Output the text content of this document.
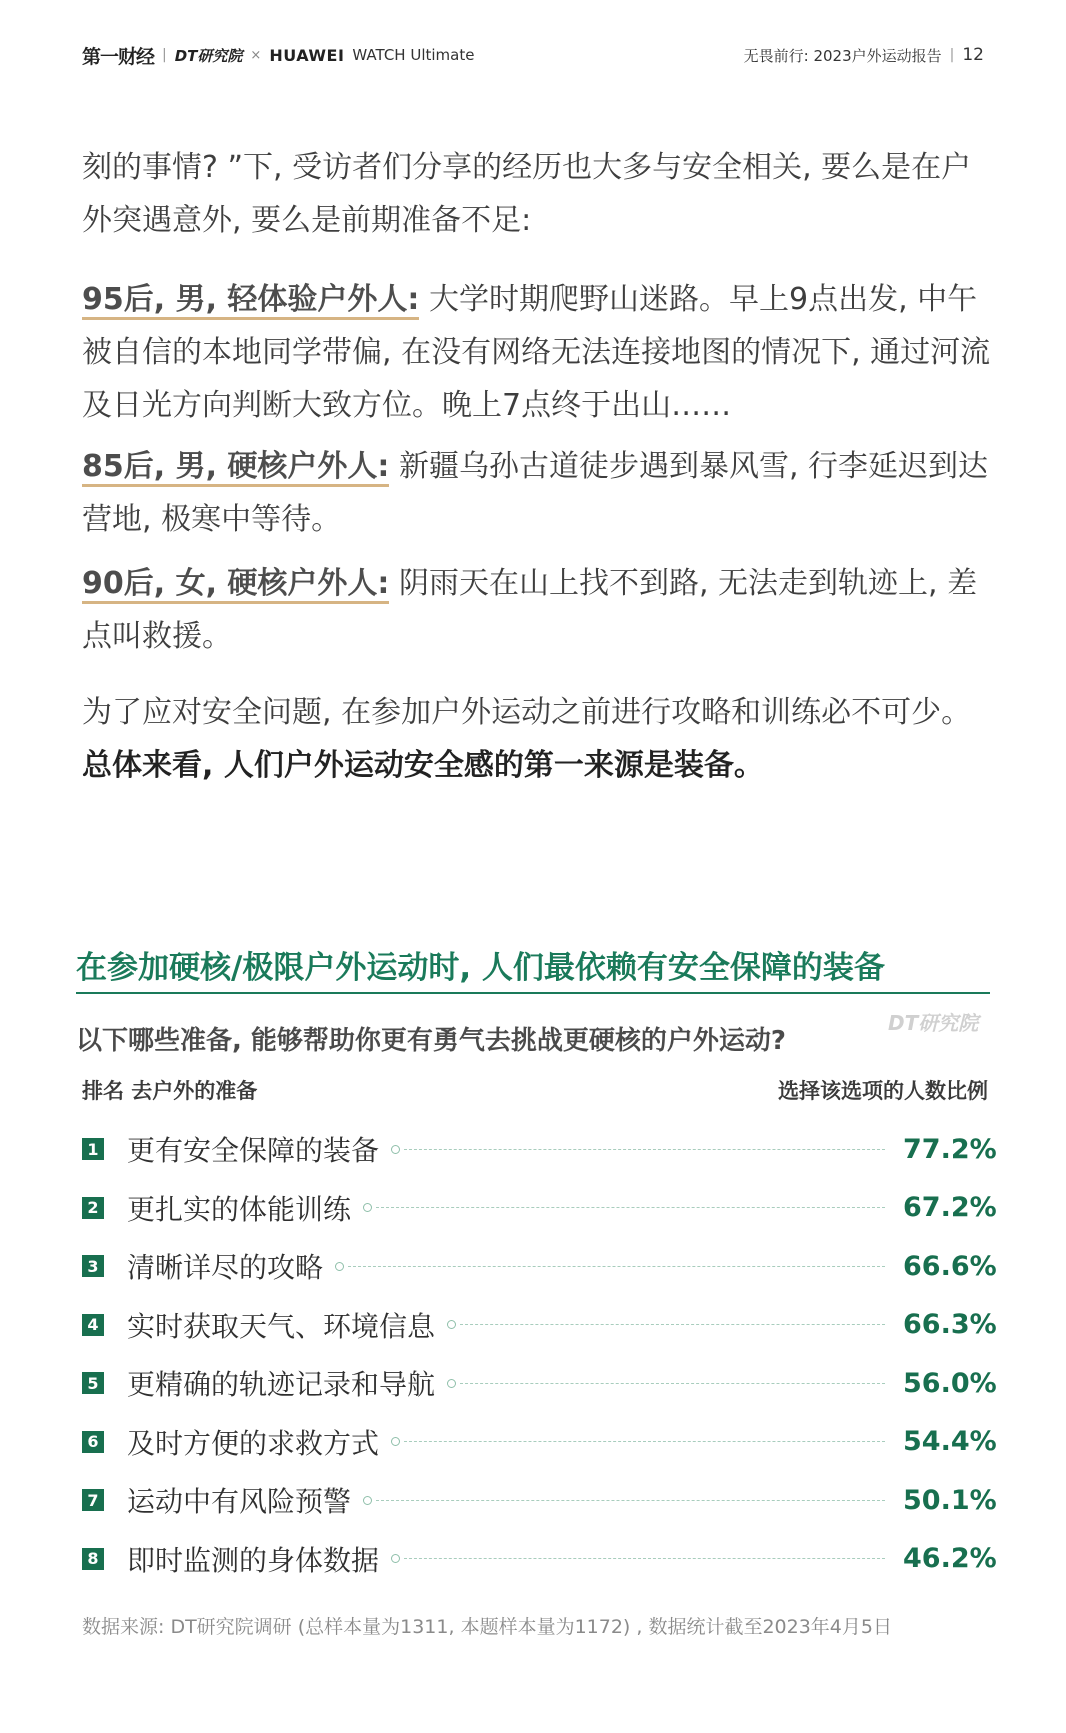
第一财经 | DT研究院 × HUAWEI WATCH Ultimate	无畏前行: 2023户外运动报告 | 12

刻的事情? ”下, 受访者们分享的经历也大多与安全相关, 要么是在户外突遇意外, 要么是前期准备不足:

95后, 男, 轻体验户外人: 大学时期爬野山迷路。早上9点出发, 中午被自信的本地同学带偏, 在没有网络无法连接地图的情况下, 通过河流及日光方向判断大致方位。晚上7点终于出山……

85后, 男, 硬核户外人: 新疆乌孙古道徒步遇到暴风雪, 行李延迟到达营地, 极寒中等待。

90后, 女, 硬核户外人: 阴雨天在山上找不到路, 无法走到轨迹上, 差点叫救援。

为了应对安全问题, 在参加户外运动之前进行攻略和训练必不可少。
总体来看, 人们户外运动安全感的第一来源是装备。

在参加硬核/极限户外运动时, 人们最依赖有安全保障的装备

以下哪些准备, 能够帮助你更有勇气去挑战更硬核的户外运动?

DT研究院
排名 去户外的准备	选择该选项的人数比例
1 更有安全保障的装备	77.2%
2 更扎实的体能训练	67.2%
3 清晰详尽的攻略	66.6%
4 实时获取天气、环境信息	66.3%
5 更精确的轨迹记录和导航	56.0%
6 及时方便的求救方式	54.4%
7 运动中有风险预警	50.1%
8 即时监测的身体数据	46.2%

数据来源: DT研究院调研 (总样本量为1311, 本题样本量为1172) , 数据统计截至2023年4月5日
